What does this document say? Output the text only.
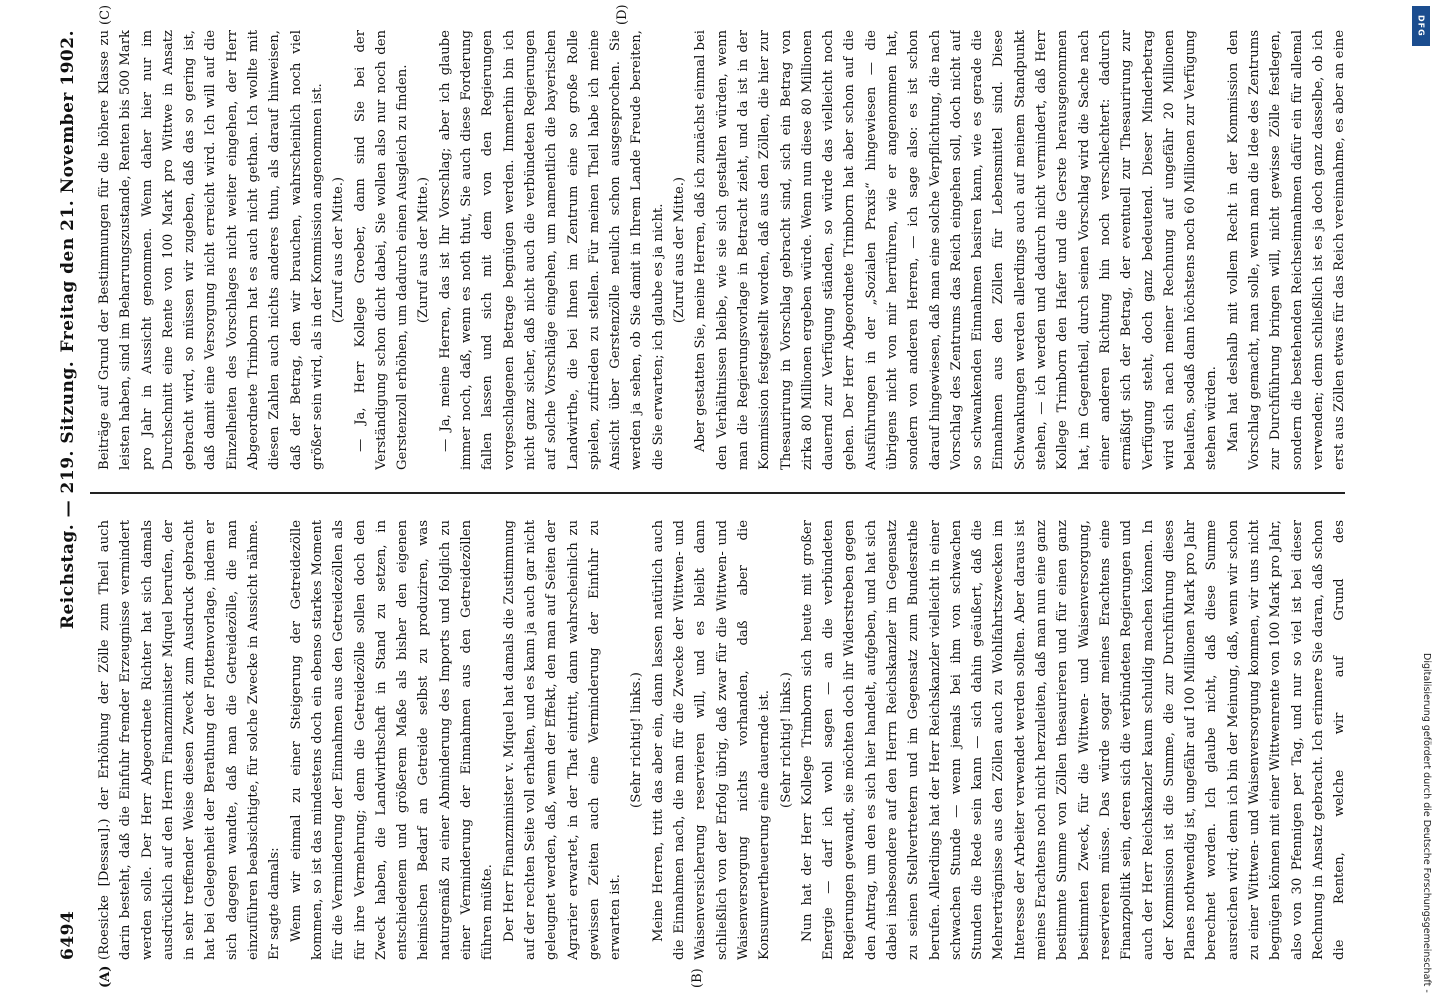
6494
Reichstag. — 219. Sitzung.
Freitag den 21. November 1902.
(A)	(B)
(C)	(D)

(Roesicke [Dessau].) der Erhöhung der Zölle zum Theil auch darin besteht, daß die Einfuhr fremder Erzeugnisse vermindert werden solle. Der Herr Abgeordnete Richter hat sich damals ausdrücklich auf den Herrn Finanzminister Miquel berufen, der in sehr treffender Weise diesen Zweck zum Ausdruck gebracht hat bei Gelegenheit der Berathung der Flottenvorlage, indem er sich dagegen wandte, daß man die Getreidezölle, die man einzuführen beabsichtigte, für solche Zwecke in Aussicht nähme. Er sagte damals: Wenn wir einmal zu einer Steigerung der Getreidezölle kommen, so ist das mindestens doch ein ebenso starkes Moment für die Verminderung der Einnahmen aus den Getreidezöllen als für ihre Vermehrung; denn die Getreidezölle sollen doch den Zweck haben, die Landwirthschaft in Stand zu setzen, in entschiedenem und größerem Maße als bisher den eigenen heimischen Bedarf an Getreide selbst zu produziren, was naturgemäß zu einer Abminderung des Imports und folglich zu einer Verminderung der Einnahmen aus den Getreidezöllen führen müßte. Der Herr Finanzminister v. Miquel hat damals die Zustimmung auf der rechten Seite voll erhalten, und es kann ja auch gar nicht geleugnet werden, daß, wenn der Effekt, den man auf Seiten der Agrarier erwartet, in der That eintritt, dann wahrscheinlich zu gewissen Zeiten auch eine Verminderung der Einfuhr zu erwarten ist.

(Sehr richtig! links.) Meine Herren, tritt das aber ein, dann lassen natürlich auch die Einnahmen nach, die man für die Zwecke der Wittwen- und Waisenversicherung reservieren will, und es bleibt dann schließlich von der Erfolg übrig, daß zwar für die Wittwen- und Waisenversorgung nichts vorhanden, daß aber die Konsumvertheuerung eine dauernde ist. (Sehr richtig! links.)

Nun hat der Herr Kollege Trimborn sich heute mit großer Energie — darf ich wohl sagen — an die verbündeten Regierungen gewandt, sie möchten doch ihr Widerstreben gegen den Antrag, um den es sich hier handelt, aufgeben, und hat sich dabei insbesondere auf den Herrn Reichskanzler im Gegensatz zu seinen Stellvertretern und im Gegensatz zum Bundesrathe berufen. Allerdings hat der Herr Reichskanzler vielleicht in einer schwachen Stunde — wenn jemals bei ihm von schwachen Stunden die Rede sein kann — sich dahin geäußert, daß die Mehrerträgnisse aus den Zöllen auch zu Wohlfahrtszwecken im Interesse der Arbeiter verwendet werden sollten. Aber daraus ist meines Erachtens noch nicht herzuleiten, daß man nun eine ganz bestimmte Summe von Zöllen thesaurieren und für einen ganz bestimmten Zweck, für die Wittwen- und Waisenversorgung, reservieren müsse. Das würde sogar meines Erachtens eine Finanzpolitik sein, deren sich die verbündeten Regierungen und auch der Herr Reichskanzler kaum schuldig machen können. In der Kommission ist die Summe, die zur Durchführung dieses Planes nothwendig ist, ungefähr auf 100 Millionen Mark pro Jahr berechnet worden. Ich glaube nicht, daß diese Summe ausreichen wird; denn ich bin der Meinung, daß, wenn wir schon zu einer Wittwen- und Waisenversorgung kommen, wir uns nicht begnügen können mit einer Wittwenrente von 100 Mark pro Jahr, also von 30 Pfennigen per Tag, und nur so viel ist bei dieser Rechnung in Ansatz gebracht. Ich erinnere Sie daran, daß schon die Renten, welche wir auf Grund des

Beiträge auf Grund der Bestimmungen für die höhere Klasse zu leisten haben, sind im Beharrungszustande, Renten bis 500 Mark pro Jahr in Aussicht genommen. Wenn daher hier nur im Durchschnitt eine Rente von 100 Mark pro Wittwe in Ansatz gebracht wird, so müssen wir zugeben, daß das so gering ist, daß damit eine Versorgung nicht erreicht wird. Ich will auf die Einzelheiten des Vorschlages nicht weiter eingehen, der Herr Abgeordnete Trimborn hat es auch nicht gethan. Ich wollte mit diesen Zahlen auch nichts anderes thun, als darauf hinweisen, daß der Betrag, den wir brauchen, wahrscheinlich noch viel größer sein wird, als in der Kommission angenommen ist. (Zuruf aus der Mitte.) — Ja, Herr Kollege Groeber, dann sind Sie bei der Verständigung schon dicht dabei, Sie wollen also nur noch den Gerstenzoll erhöhen, um dadurch einen Ausgleich zu finden. (Zuruf aus der Mitte.) — Ja, meine Herren, das ist Ihr Vorschlag; aber ich glaube immer noch, daß, wenn es noth thut, Sie auch diese Forderung fallen lassen und sich mit dem von den Regierungen vorgeschlagenen Betrage begnügen werden. Immerhin bin ich nicht ganz sicher, daß nicht auch die verbündeten Regierungen auf solche Vorschläge eingehen, um namentlich die bayerischen Landwirthe, die bei Ihnen im Zentrum eine so große Rolle spielen, zufrieden zu stellen. Für meinen Theil habe ich meine Ansicht über Gerstenzölle neulich schon ausgesprochen. Sie werden ja sehen, ob Sie damit in Ihrem Lande Freude bereiten, die Sie erwarten; ich glaube es ja nicht. (Zuruf aus der Mitte.) Aber gestatten Sie, meine Herren, daß ich zunächst einmal bei den Verhältnissen bleibe, wie sie sich gestalten würden, wenn man die Regierungsvorlage in Betracht zieht, und da ist in der Kommission festgestellt worden, daß aus den Zöllen, die hier zur Thesaurirung in Vorschlag gebracht sind, sich ein Betrag von zirka 80 Millionen ergeben würde. Wenn nun diese 80 Millionen dauernd zur Verfügung ständen, so würde das vielleicht noch gehen. Der Herr Abgeordnete Trimborn hat aber schon auf die Ausführungen in der „Sozialen Praxis“ hingewiesen — die übrigens nicht von mir herrühren, wie er angenommen hat, sondern von anderen Herren, — ich sage also: es ist schon darauf hingewiesen, daß man eine solche Verpflichtung, die nach Vorschlag des Zentrums das Reich eingehen soll, doch nicht auf so schwankenden Einnahmen basiren kann, wie es gerade die Einnahmen aus den Zöllen für Lebensmittel sind. Diese Schwankungen werden allerdings auch auf meinem Standpunkt stehen, — ich werden und dadurch nicht vermindert, daß Herr Kollege Trimborn den Hafer und die Gerste herausgenommen hat, im Gegentheil, durch seinen Vorschlag wird die Sache nach einer anderen Richtung hin noch verschlechtert: dadurch ermäßigt sich der Betrag, der eventuell zur Thesaurirung zur Verfügung steht, doch ganz bedeutend. Dieser Minderbetrag wird sich nach meiner Rechnung auf ungefähr 20 Millionen belaufen, sodaß dann höchstens noch 60 Millionen zur Verfügung stehen würden. Man hat deshalb mit vollem Recht in der Kommission den Vorschlag gemacht, man solle, wenn man die Idee des Zentrums zur Durchführung bringen will, nicht gewisse Zölle festlegen, sondern die bestehenden Reichseinnahmen dafür ein für allemal verwenden; denn schließlich ist es ja doch ganz dasselbe, ob ich erst aus Zöllen etwas für das Reich vereinnahme, es aber an eine

DFG
Digitalisierung gefördert durch die Deutsche Forschungsgemeinschaft -
